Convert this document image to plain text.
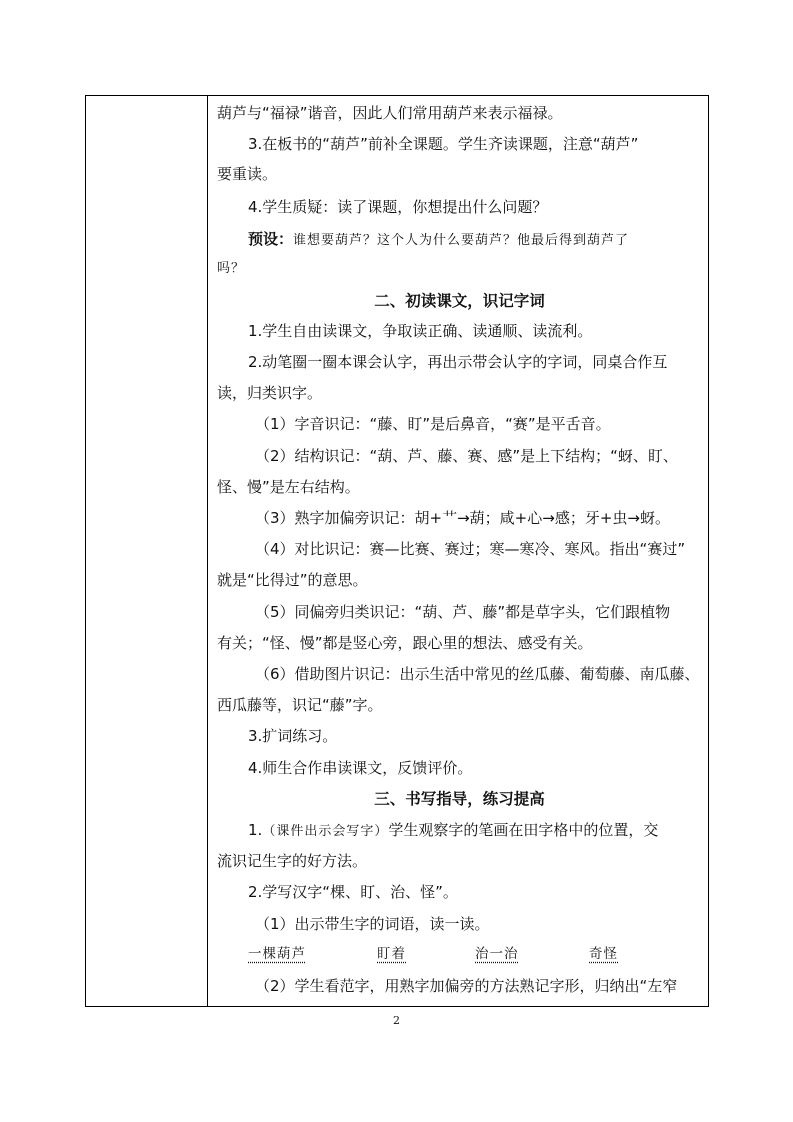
葫芦与“福禄”谐音，因此人们常用葫芦来表示福禄。
3.在板书的“葫芦”前补全课题。学生齐读课题，注意“葫芦”
要重读。
4.学生质疑：读了课题，你想提出什么问题？
预设：谁想要葫芦？这个人为什么要葫芦？他最后得到葫芦了
吗？
二、初读课文，识记字词
1.学生自由读课文，争取读正确、读通顺、读流利。
2.动笔圈一圈本课会认字，再出示带会认字的字词，同桌合作互
读，归类识字。
（1）字音识记：“藤、盯”是后鼻音，“赛”是平舌音。
（2）结构识记：“葫、芦、藤、赛、感”是上下结构；“蚜、盯、
怪、慢”是左右结构。
（3）熟字加偏旁识记：胡+艹→葫；咸+心→感；牙+虫→蚜。
（4）对比识记：赛—比赛、赛过；寒—寒冷、寒风。指出“赛过”
就是“比得过”的意思。
（5）同偏旁归类识记：“葫、芦、藤”都是草字头，它们跟植物
有关；“怪、慢”都是竖心旁，跟心里的想法、感受有关。
（6）借助图片识记：出示生活中常见的丝瓜藤、葡萄藤、南瓜藤、
西瓜藤等，识记“藤”字。
3.扩词练习。
4.师生合作串读课文，反馈评价。
三、书写指导，练习提高
1.（课件出示会写字）学生观察字的笔画在田字格中的位置，交
流识记生字的好方法。
2.学写汉字“棵、盯、治、怪”。
（1）出示带生字的词语，读一读。
一棵葫芦	盯着	治一治	奇怪
（2）学生看范字，用熟字加偏旁的方法熟记字形，归纳出“左窄
2
